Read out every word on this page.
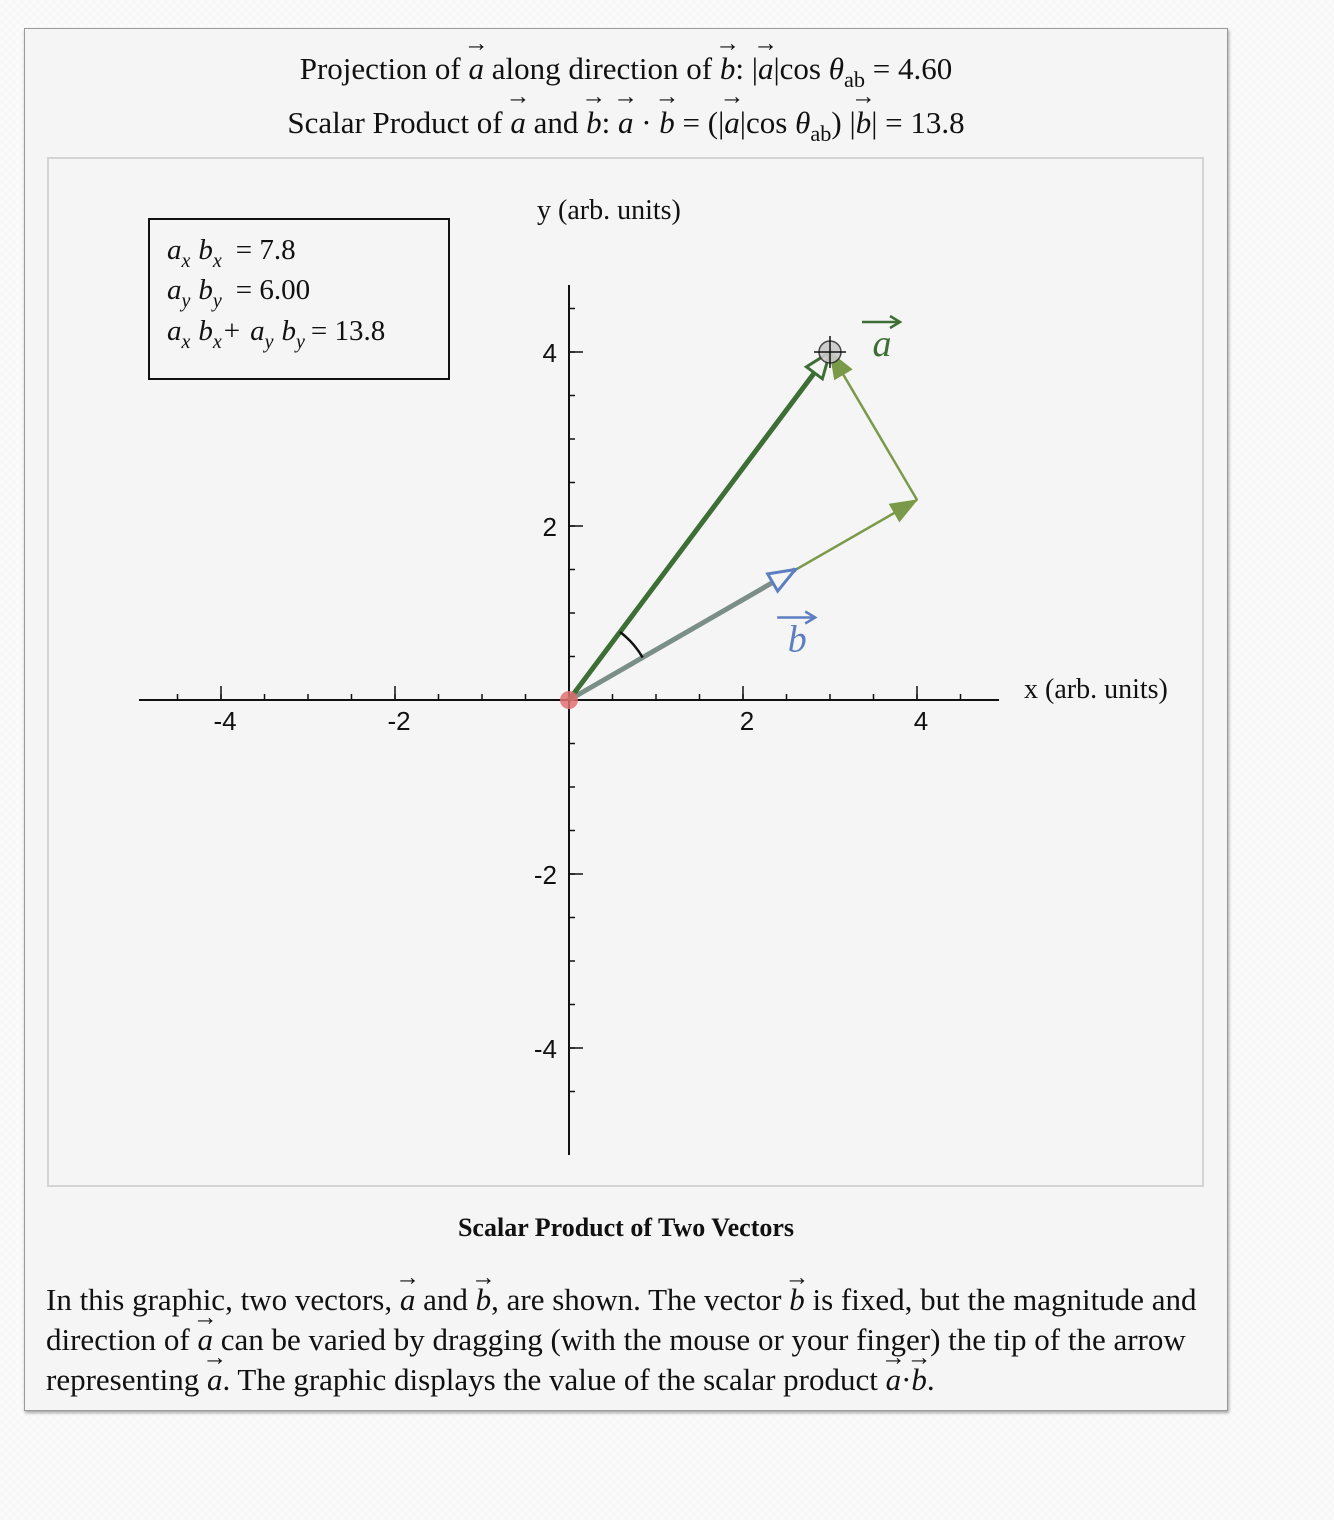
Projection of a → along direction of b →: |a →|cos $\theta_{ab} = 4.60$
Scalar Product of a → and b →: a → · b → = (|a →|cos $\theta_{ab}$) |b →| = 13.8
-4	-2	2	4
4
2
-2
-4
x (arb. units)
y (arb. units)
a
b
$a_x$ $b_x = 7.8$
$a_y$ $b_y = 6.00$
$a_x$ $b_x+ a_y$ $b_y = 13.8$
Scalar Product of Two Vectors
In this graphic, two vectors, a → and b →, are shown. The vector b → is fixed, but the magnitude and direction of a → can be varied by dragging (with the mouse or your finger) the tip of the arrow representing a →. The graphic displays the value of the scalar product a →·b →.
